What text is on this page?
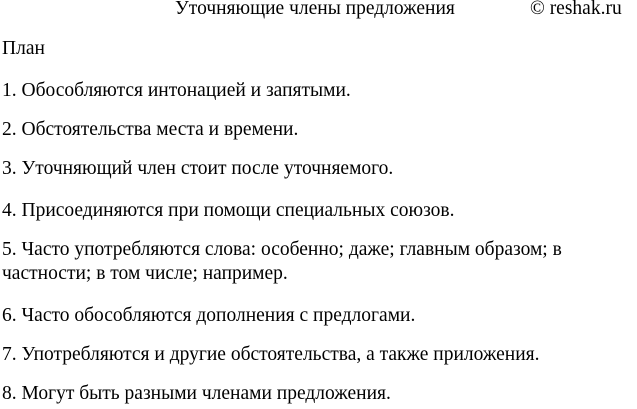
Уточняющие члены предложения	© reshak.ru
План
1. Обособляются интонацией и запятыми.
2. Обстоятельства места и времени.
3. Уточняющий член стоит после уточняемого.
4. Присоединяются при помощи специальных союзов.
5. Часто употребляются слова: особенно; даже; главным образом; в частности; в том числе; например.
6. Часто обособляются дополнения с предлогами.
7. Употребляются и другие обстоятельства, а также приложения.
8. Могут быть разными членами предложения.
